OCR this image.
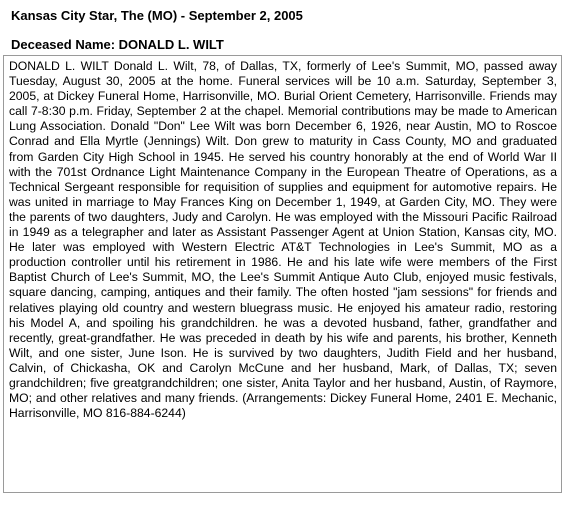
Kansas City Star, The (MO) - September 2, 2005
Deceased Name: DONALD L. WILT

DONALD L. WILT Donald L. Wilt, 78, of Dallas, TX, formerly of Lee's Summit, MO, passed away Tuesday, August 30, 2005 at the home. Funeral services will be 10 a.m. Saturday, September 3, 2005, at Dickey Funeral Home, Harrisonville, MO. Burial Orient Cemetery, Harrisonville. Friends may call 7-8:30 p.m. Friday, September 2 at the chapel. Memorial contributions may be made to American Lung Association. Donald "Don" Lee Wilt was born December 6, 1926, near Austin, MO to Roscoe Conrad and Ella Myrtle (Jennings) Wilt. Don grew to maturity in Cass County, MO and graduated from Garden City High School in 1945. He served his country honorably at the end of World War II with the 701st Ordnance Light Maintenance Company in the European Theatre of Operations, as a Technical Sergeant responsible for requisition of supplies and equipment for automotive repairs. He was united in marriage to May Frances King on December 1, 1949, at Garden City, MO. They were the parents of two daughters, Judy and Carolyn. He was employed with the Missouri Pacific Railroad in 1949 as a telegrapher and later as Assistant Passenger Agent at Union Station, Kansas city, MO. He later was employed with Western Electric AT&T Technologies in Lee's Summit, MO as a production controller until his retirement in 1986. He and his late wife were members of the First Baptist Church of Lee's Summit, MO, the Lee's Summit Antique Auto Club, enjoyed music festivals, square dancing, camping, antiques and their family. The often hosted "jam sessions" for friends and relatives playing old country and western bluegrass music. He enjoyed his amateur radio, restoring his Model A, and spoiling his grandchildren. he was a devoted husband, father, grandfather and recently, great-grandfather. He was preceded in death by his wife and parents, his brother, Kenneth Wilt, and one sister, June Ison. He is survived by two daughters, Judith Field and her husband, Calvin, of Chickasha, OK and Carolyn McCune and her husband, Mark, of Dallas, TX; seven grandchildren; five greatgrandchildren; one sister, Anita Taylor and her husband, Austin, of Raymore, MO; and other relatives and many friends. (Arrangements: Dickey Funeral Home, 2401 E. Mechanic, Harrisonville, MO 816-884-6244)
